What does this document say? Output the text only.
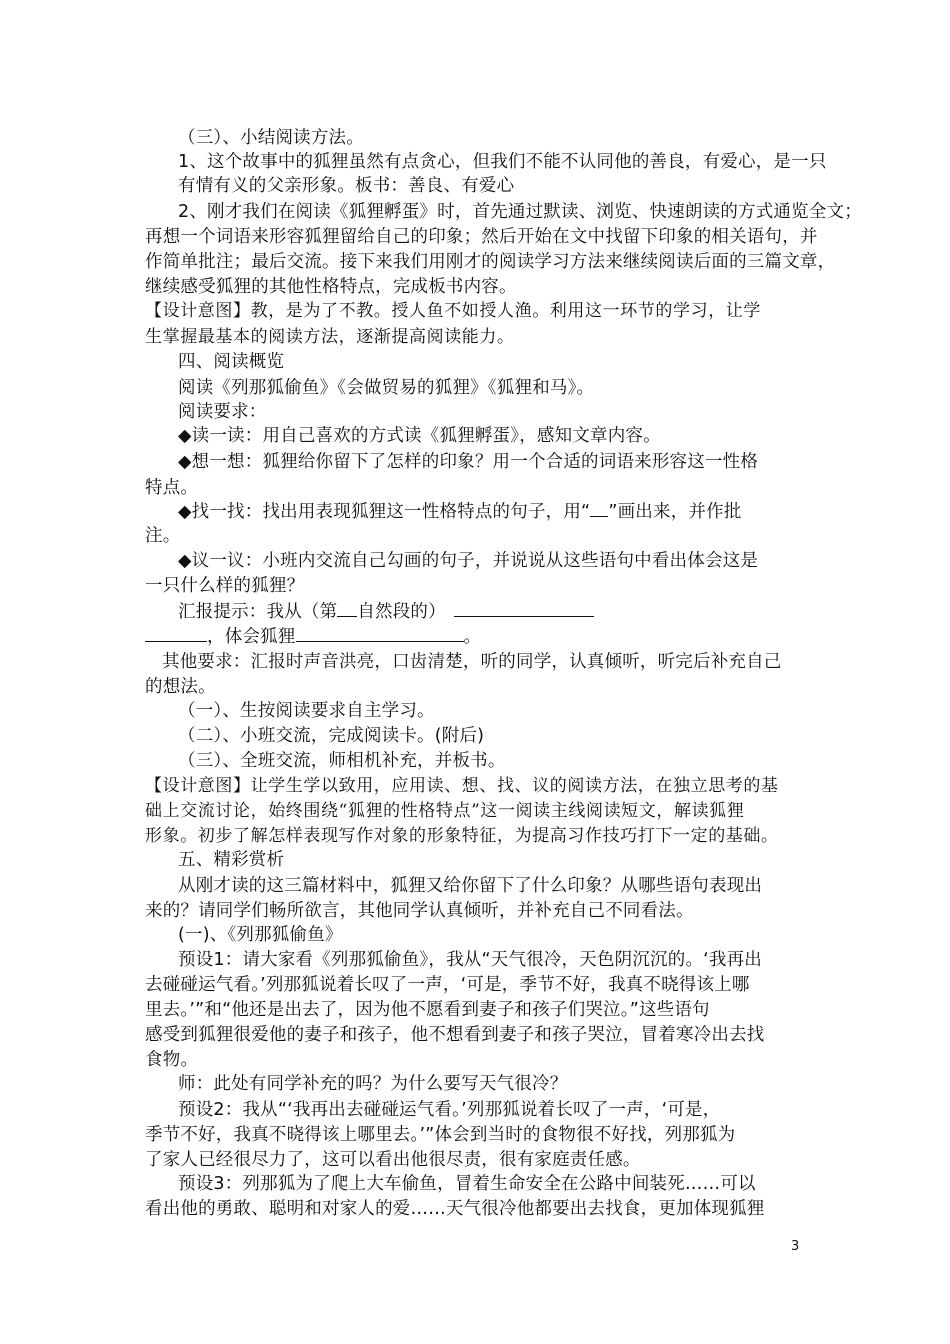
（三）、小结阅读方法。
1、这个故事中的狐狸虽然有点贪心，但我们不能不认同他的善良，有爱心，是一只
有情有义的父亲形象。板书：善良、有爱心
2、刚才我们在阅读《狐狸孵蛋》时，首先通过默读、浏览、快速朗读的方式通览全文；
再想一个词语来形容狐狸留给自己的印象；然后开始在文中找留下印象的相关语句，并
作简单批注；最后交流。接下来我们用刚才的阅读学习方法来继续阅读后面的三篇文章，
继续感受狐狸的其他性格特点，完成板书内容。
【设计意图】教，是为了不教。授人鱼不如授人渔。利用这一环节的学习，让学
生掌握最基本的阅读方法，逐渐提高阅读能力。
四、阅读概览
阅读《列那狐偷鱼》《会做贸易的狐狸》《狐狸和马》。
阅读要求：
◆读一读：用自己喜欢的方式读《狐狸孵蛋》，感知文章内容。
◆想一想：狐狸给你留下了怎样的印象？用一个合适的词语来形容这一性格
特点。
◆找一找：找出用表现狐狸这一性格特点的句子，用“ ”画出来，并作批
注。
◆议一议：小班内交流自己勾画的句子，并说说从这些语句中看出体会这是
一只什么样的狐狸？
汇报提示：我从（第 自然段的）
，体会狐狸	。
其他要求：汇报时声音洪亮，口齿清楚，听的同学，认真倾听，听完后补充自己
的想法。
（一）、生按阅读要求自主学习。
（二）、小班交流，完成阅读卡。(附后)
（三）、全班交流，师相机补充，并板书。
【设计意图】让学生学以致用，应用读、想、找、议的阅读方法，在独立思考的基
础上交流讨论，始终围绕“狐狸的性格特点”这一阅读主线阅读短文，解读狐狸
形象。初步了解怎样表现写作对象的形象特征，为提高习作技巧打下一定的基础。
五、精彩赏析
从刚才读的这三篇材料中，狐狸又给你留下了什么印象？从哪些语句表现出
来的？请同学们畅所欲言，其他同学认真倾听，并补充自己不同看法。
(一)、《列那狐偷鱼》
预设1：请大家看《列那狐偷鱼》，我从“天气很冷，天色阴沉沉的。‘我再出
去碰碰运气看。’列那狐说着长叹了一声，‘可是，季节不好，我真不晓得该上哪
里去。’”和“他还是出去了，因为他不愿看到妻子和孩子们哭泣。”这些语句
感受到狐狸很爱他的妻子和孩子，他不想看到妻子和孩子哭泣，冒着寒冷出去找
食物。
师：此处有同学补充的吗？为什么要写天气很冷？
预设2：我从“‘我再出去碰碰运气看。’列那狐说着长叹了一声，‘可是，
季节不好，我真不晓得该上哪里去。’”体会到当时的食物很不好找，列那狐为
了家人已经很尽力了，这可以看出他很尽责，很有家庭责任感。
预设3：列那狐为了爬上大车偷鱼，冒着生命安全在公路中间装死……可以
看出他的勇敢、聪明和对家人的爱……天气很冷他都要出去找食，更加体现狐狸
3
